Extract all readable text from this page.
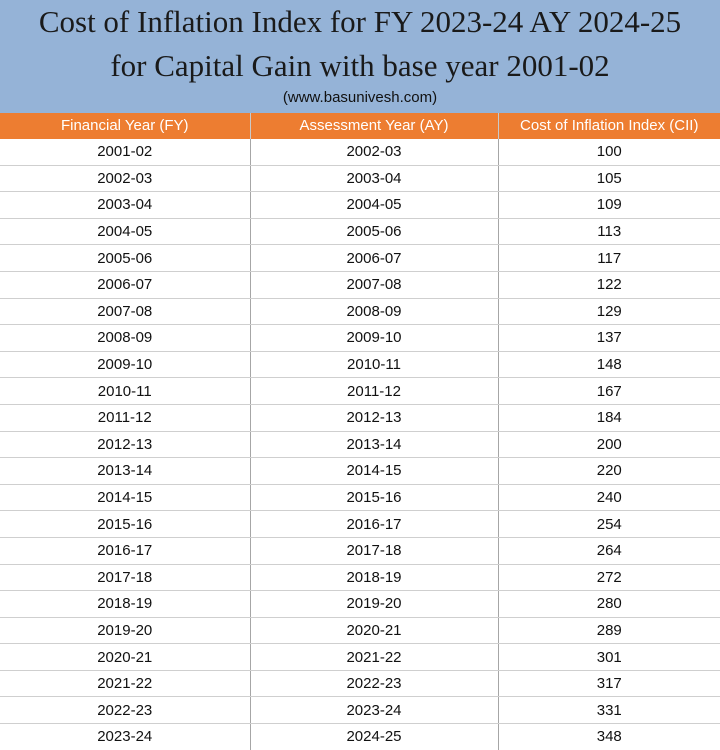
Cost of Inflation Index for FY 2023-24 AY 2024-25
for Capital Gain with base year 2001-02
(www.basunivesh.com)
Financial Year (FY)	Assessment Year (AY)	Cost of Inflation Index (CII)
2001-02	2002-03	100
2002-03	2003-04	105
2003-04	2004-05	109
2004-05	2005-06	113
2005-06	2006-07	117
2006-07	2007-08	122
2007-08	2008-09	129
2008-09	2009-10	137
2009-10	2010-11	148
2010-11	2011-12	167
2011-12	2012-13	184
2012-13	2013-14	200
2013-14	2014-15	220
2014-15	2015-16	240
2015-16	2016-17	254
2016-17	2017-18	264
2017-18	2018-19	272
2018-19	2019-20	280
2019-20	2020-21	289
2020-21	2021-22	301
2021-22	2022-23	317
2022-23	2023-24	331
2023-24	2024-25	348
